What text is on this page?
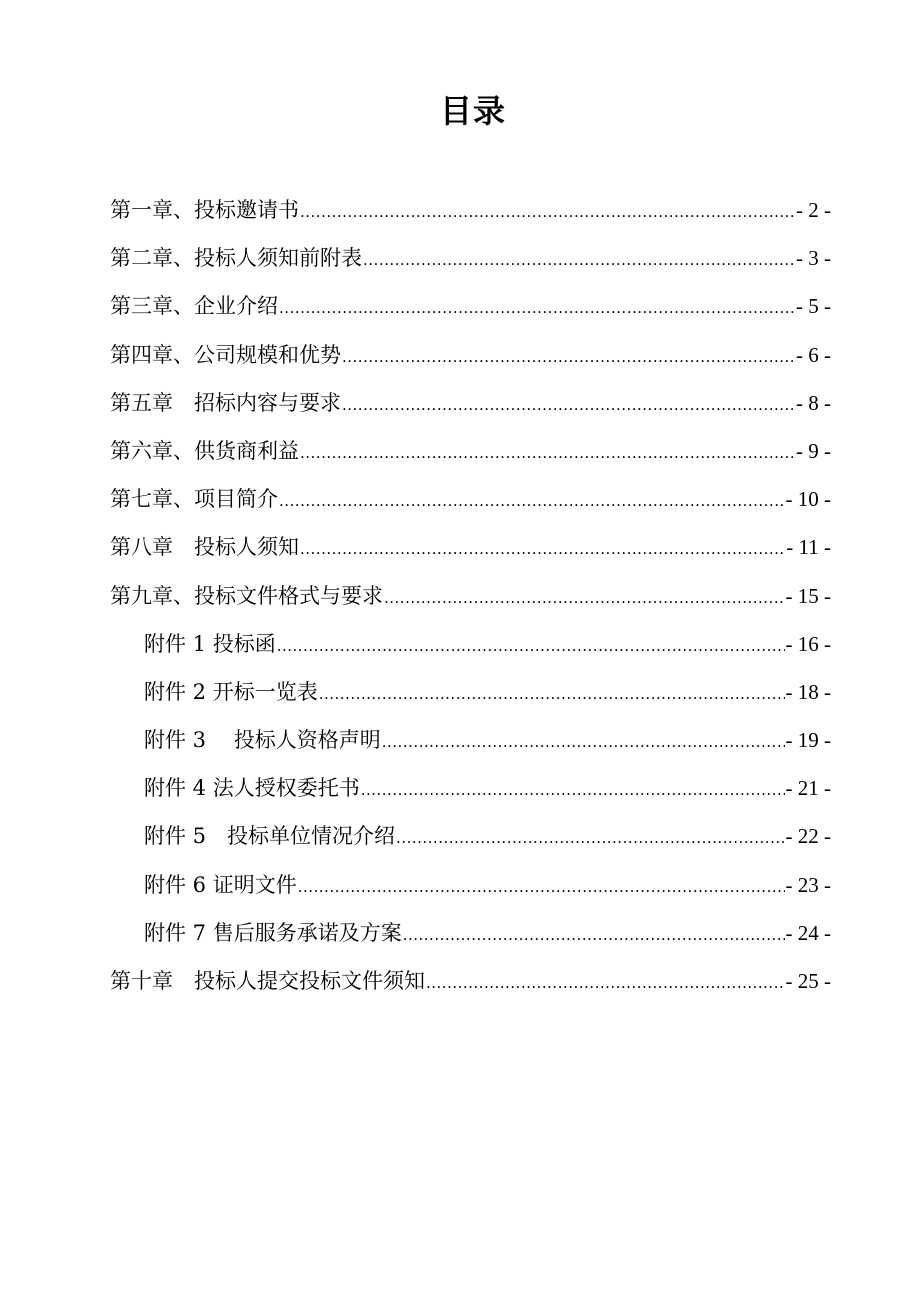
目录
第一章、投标邀请书 .....	- 2 -
第二章、投标人须知前附表 .....	- 3 -
第三章、企业介绍 .....	- 5 -
第四章、公司规模和优势 .....	- 6 -
第五章　招标内容与要求 .....	- 8 -
第六章、供货商利益 .....	- 9 -
第七章、项目简介 .....	- 10 -
第八章　投标人须知 .....	- 11 -
第九章、投标文件格式与要求 .....	- 15 -
附件 1 投标函 .....	- 16 -
附件 2 开标一览表 .....	- 18 -
附件 3　 投标人资格声明 .....	- 19 -
附件 4 法人授权委托书 .....	- 21 -
附件 5　投标单位情况介绍 .....	- 22 -
附件 6 证明文件 .....	- 23 -
附件 7 售后服务承诺及方案 .....	- 24 -
第十章　投标人提交投标文件须知 .....	- 25 -
